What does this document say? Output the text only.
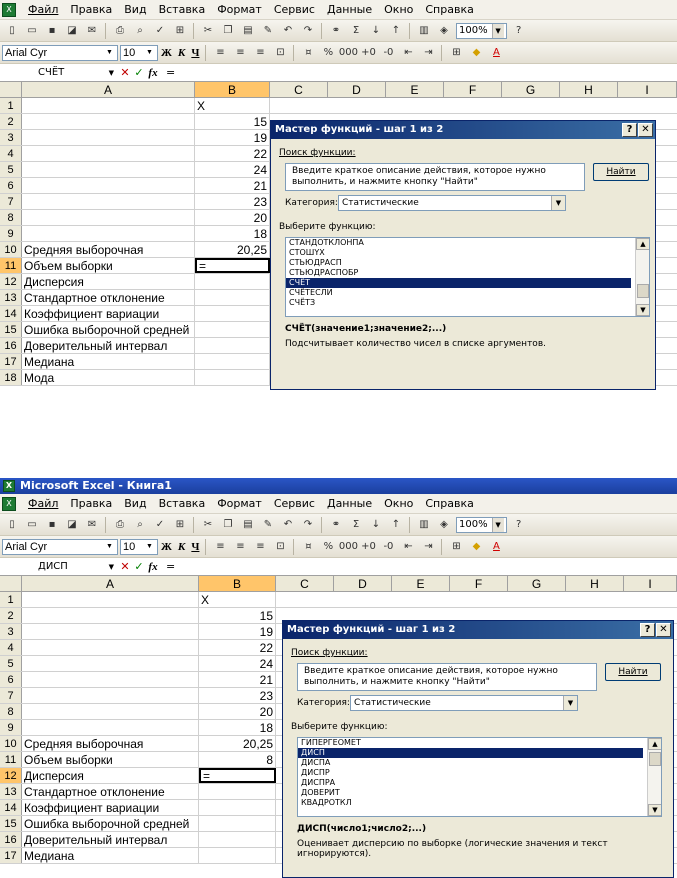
X	Файл	Правка	Вид	Вставка	Формат	Сервис	Данные	Окно	Справка
▯	▭	▪	◪	✉	⎙	⌕	✓	⊞	✂	❐	▤	✎	↶	↷	⚭	Σ	↓	↑	▥	◈	100%	▼	?
Arial Cyr	▼ 10 ▼ Ж К Ч	≡	≡	≡	⊡	¤	% 000 +0 -0	⇤	⇥	⊞	◆	A
СЧЁТ	▼ ✕ ✓ fx =
A	B	C	D	E	F	G	H	I
1	X
2	15
3	19
4	22
5	24
6	21
7	23
8	20
9	18
10 Средняя выборочная	20,25
11 Объем выборки	=
12 Дисперсия
13 Стандартное отклонение
14 Коэффициент вариации
15 Ошибка выборочной средней
16 Доверительный интервал
17 Медиана
18 Мода
Мастер функций - шаг 1 из 2	? ✕
Поиск функции:
Введите краткое описание действия, которое нужно
выполнить, и нажмите кнопку "Найти"
Найти
Категория: Статистические	▼
Выберите функцию:
СТАНДОТКЛОНПА
СТОШYX
СТЬЮДРАСП
СТЬЮДРАСПОБР
СЧЁТ
СЧЁТЕСЛИ
СЧЁТЗ
▲
▼
СЧЁТ(значение1;значение2;...)
Подсчитывает количество чисел в списке аргументов.
X Microsoft Excel - Книга1
X	Файл	Правка	Вид	Вставка	Формат	Сервис	Данные	Окно	Справка
▯	▭	▪	◪	✉	⎙	⌕	✓	⊞	✂	❐	▤	✎	↶	↷	⚭	Σ	↓	↑	▥	◈	100%	▼	?
Arial Cyr	▼ 10 ▼ Ж К Ч	≡	≡	≡	⊡	¤	% 000 +0 -0	⇤	⇥	⊞	◆	A
ДИСП	▼ ✕ ✓ fx =
A	B	C	D	E	F	G	H	I
1	X
2	15
3	19
4	22
5	24
6	21
7	23
8	20
9	18
10 Средняя выборочная	20,25
11 Объем выборки	8
12 Дисперсия	=
13 Стандартное отклонение
14 Коэффициент вариации
15 Ошибка выборочной средней
16 Доверительный интервал
17 Медиана
Мастер функций - шаг 1 из 2	? ✕
Поиск функции:
Введите краткое описание действия, которое нужно
выполнить, и нажмите кнопку "Найти"
Найти
Категория: Статистические	▼
Выберите функцию:
ГИПЕРГЕОМЕТ
ДИСП
ДИСПА
ДИСПР
ДИСПРА
ДОВЕРИТ
КВАДРОТКЛ
▲
▼
ДИСП(число1;число2;...)
Оценивает дисперсию по выборке (логические значения и текст игнорируются).
